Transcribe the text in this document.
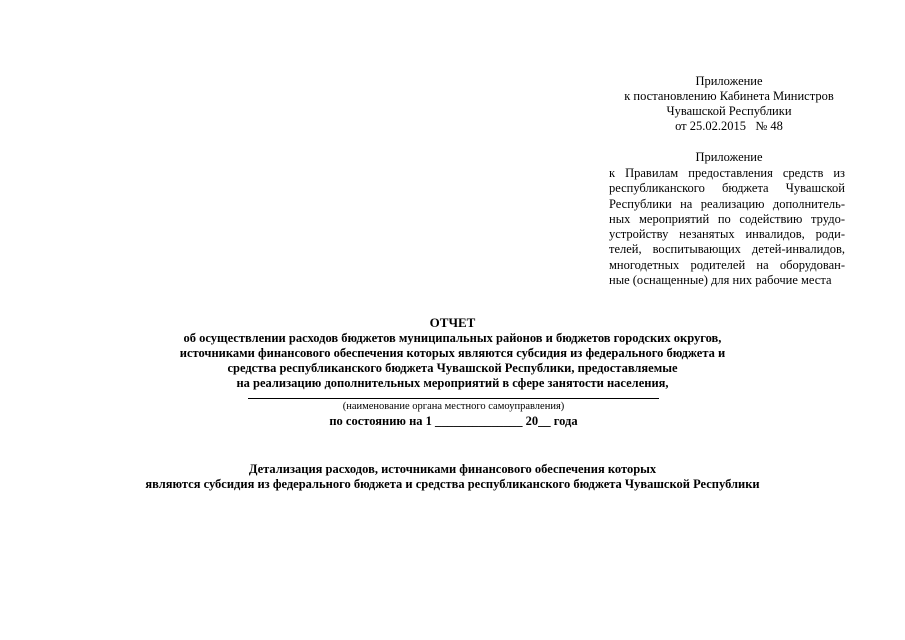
Приложение
к постановлению Кабинета Министров
Чувашской Республики
от 25.02.2015   № 48
Приложение
к Правилам предоставления средств из
республиканского бюджета Чувашской
Республики на реализацию дополнитель-
ных мероприятий по содействию трудо-
устройству незанятых инвалидов, роди-
телей, воспитывающих детей-инвалидов,
многодетных родителей на оборудован-
ные (оснащенные) для них рабочие места
ОТЧЕТ
об осуществлении расходов бюджетов муниципальных районов и бюджетов городских округов,
источниками финансового обеспечения которых являются субсидия из федерального бюджета и
средства республиканского бюджета Чувашской Республики, предоставляемые
на реализацию дополнительных мероприятий в сфере занятости населения,
(наименование органа местного самоуправления)
по состоянию на 1 ______________ 20__ года
Детализация расходов, источниками финансового обеспечения которых
являются субсидия из федерального бюджета и средства республиканского бюджета Чувашской Республики
